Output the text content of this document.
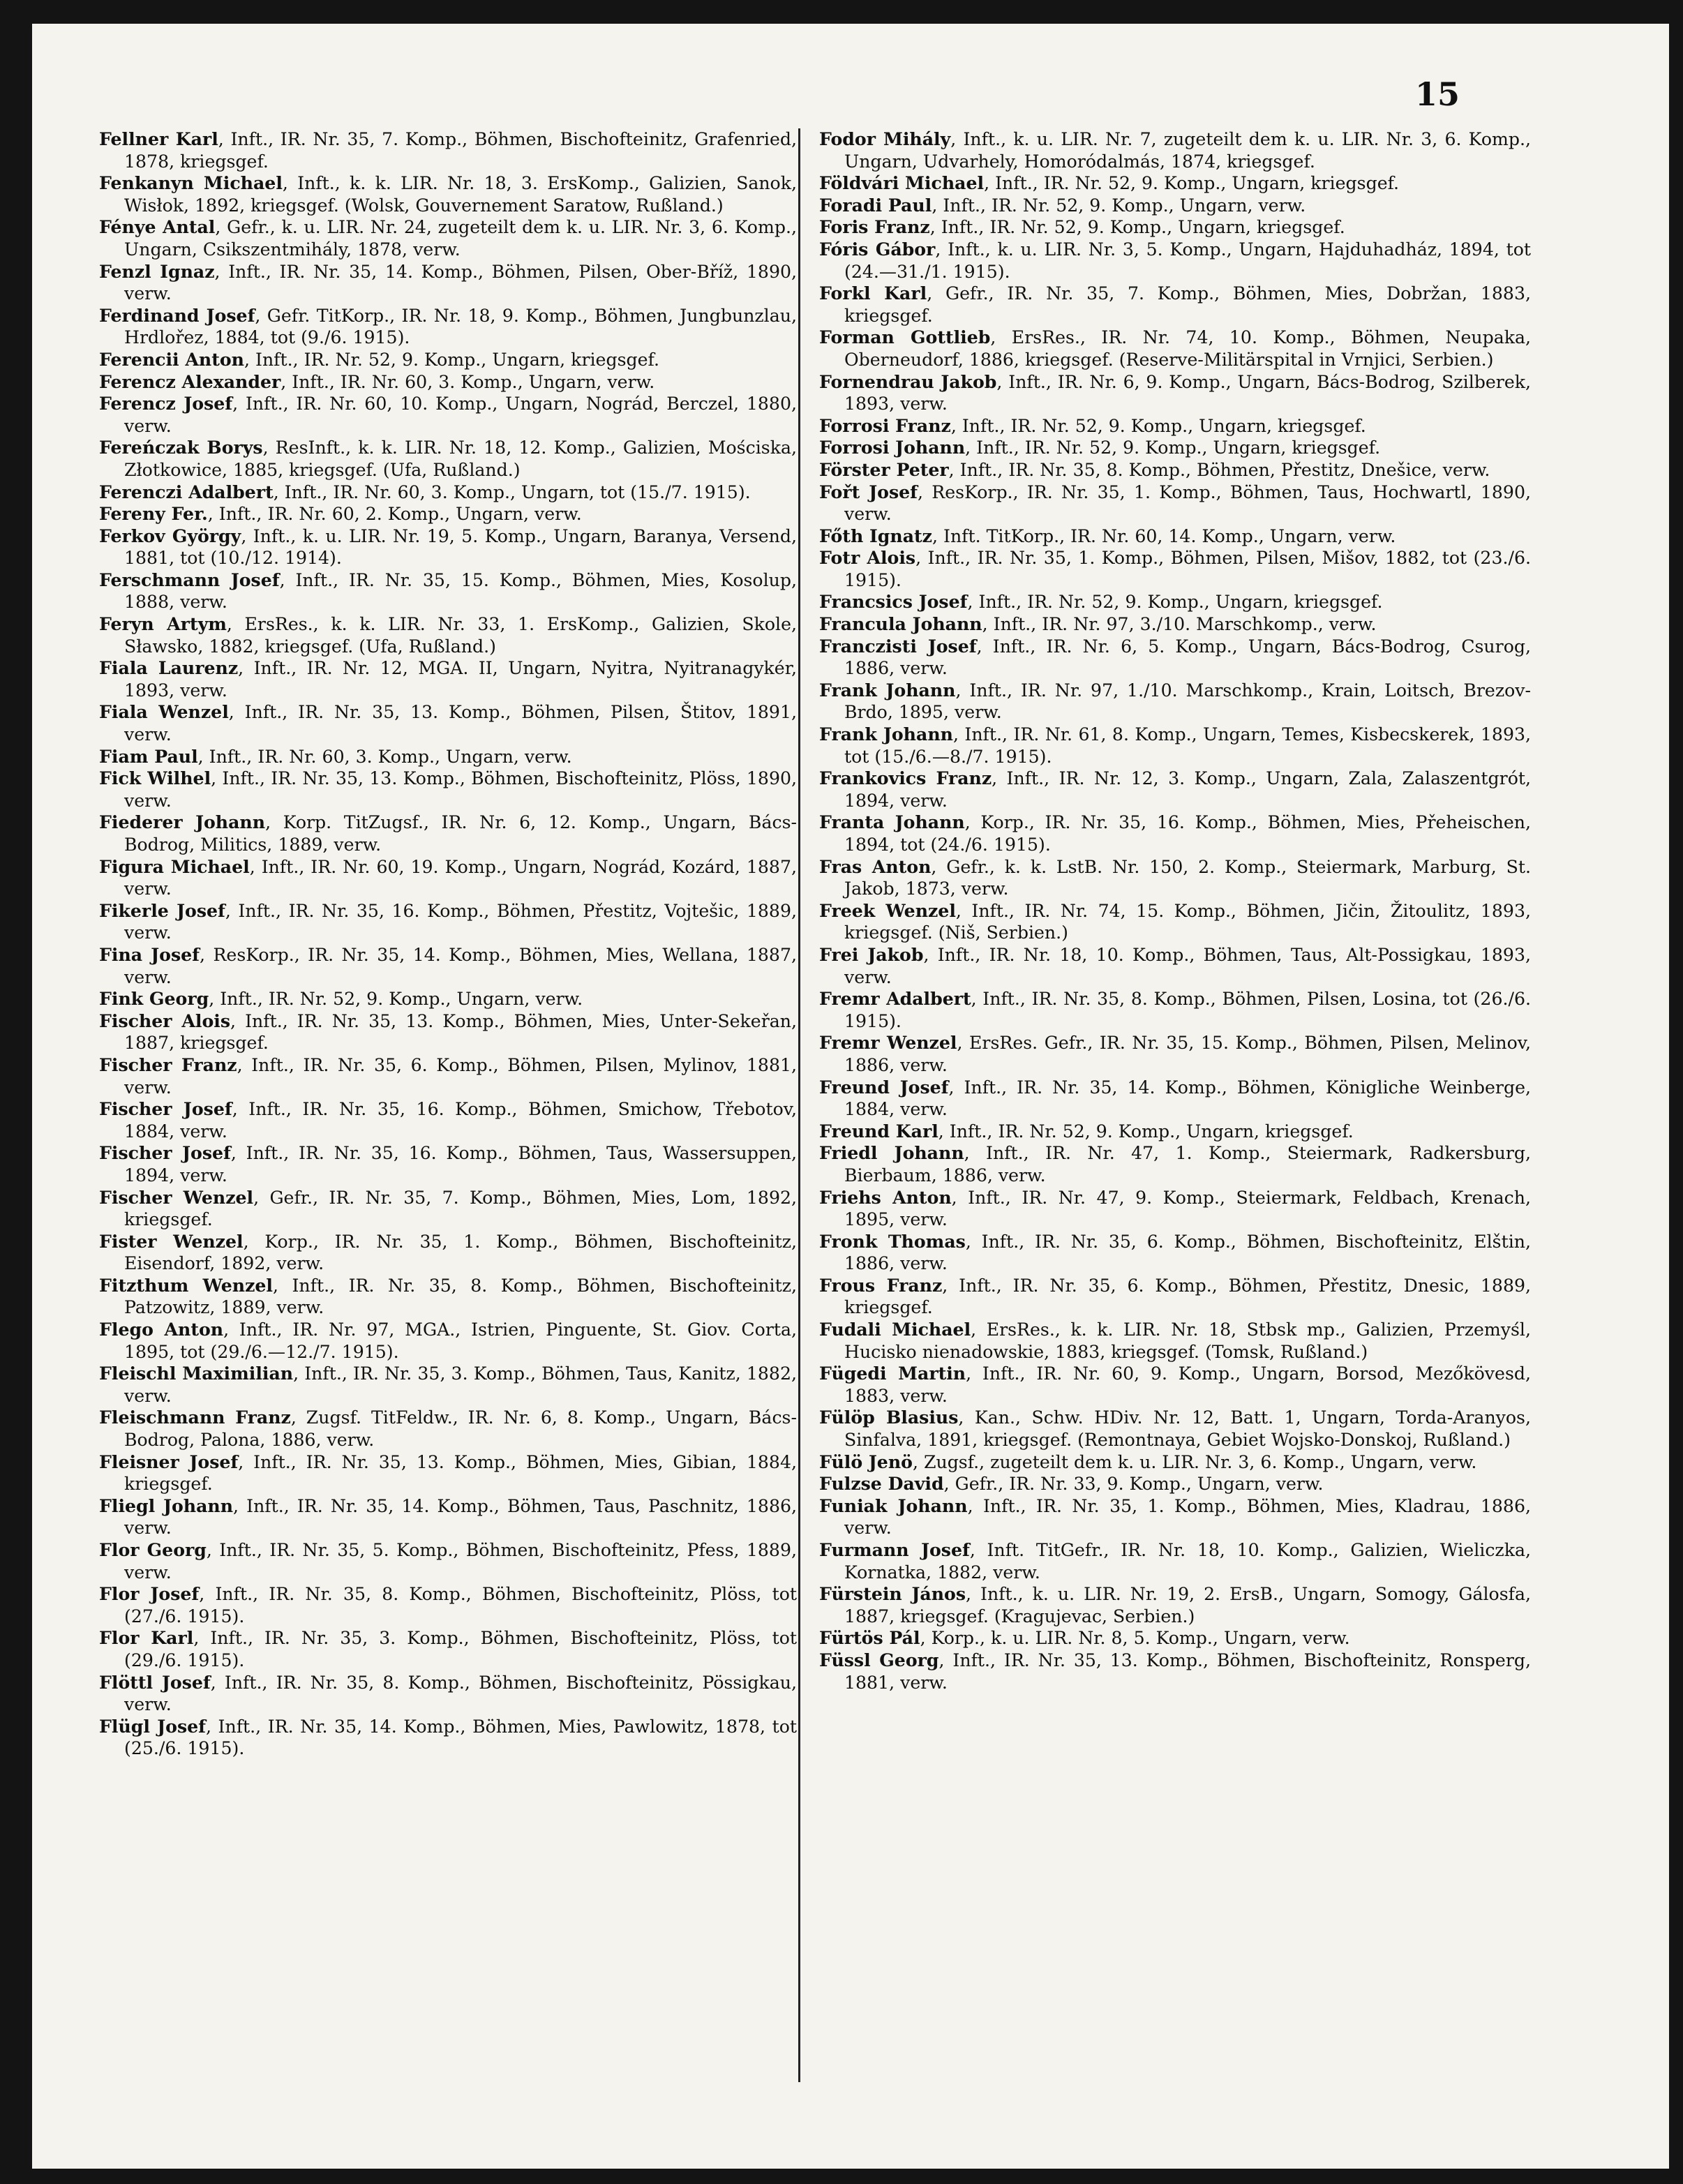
15
Fellner Karl, Inft., IR. Nr. 35, 7. Komp., Böhmen, Bischofteinitz, Grafenried, 1878, kriegsgef.
Fenkanyn Michael, Inft., k. k. LIR. Nr. 18, 3. ErsKomp., Galizien, Sanok, Wisłok, 1892, kriegsgef. (Wolsk, Gouvernement Saratow, Rußland.)
Fénye Antal, Gefr., k. u. LIR. Nr. 24, zugeteilt dem k. u. LIR. Nr. 3, 6. Komp., Ungarn, Csikszentmihály, 1878, verw.
Fenzl Ignaz, Inft., IR. Nr. 35, 14. Komp., Böhmen, Pilsen, Ober-Bříž, 1890, verw.
Ferdinand Josef, Gefr. TitKorp., IR. Nr. 18, 9. Komp., Böhmen, Jungbunzlau, Hrdlořez, 1884, tot (9./6. 1915).
Ferencii Anton, Inft., IR. Nr. 52, 9. Komp., Ungarn, kriegsgef.
Ferencz Alexander, Inft., IR. Nr. 60, 3. Komp., Ungarn, verw.
Ferencz Josef, Inft., IR. Nr. 60, 10. Komp., Ungarn, Nográd, Berczel, 1880, verw.
Fereńczak Borys, ResInft., k. k. LIR. Nr. 18, 12. Komp., Galizien, Mościska, Złotkowice, 1885, kriegsgef. (Ufa, Rußland.)
Ferenczi Adalbert, Inft., IR. Nr. 60, 3. Komp., Ungarn, tot (15./7. 1915).
Fereny Fer., Inft., IR. Nr. 60, 2. Komp., Ungarn, verw.
Ferkov György, Inft., k. u. LIR. Nr. 19, 5. Komp., Ungarn, Baranya, Versend, 1881, tot (10./12. 1914).
Ferschmann Josef, Inft., IR. Nr. 35, 15. Komp., Böhmen, Mies, Kosolup, 1888, verw.
Feryn Artym, ErsRes., k. k. LIR. Nr. 33, 1. ErsKomp., Galizien, Skole, Sławsko, 1882, kriegsgef. (Ufa, Rußland.)
Fiala Laurenz, Inft., IR. Nr. 12, MGA. II, Ungarn, Nyitra, Nyitranagykér, 1893, verw.
Fiala Wenzel, Inft., IR. Nr. 35, 13. Komp., Böhmen, Pilsen, Štitov, 1891, verw.
Fiam Paul, Inft., IR. Nr. 60, 3. Komp., Ungarn, verw.
Fick Wilhel, Inft., IR. Nr. 35, 13. Komp., Böhmen, Bischofteinitz, Plöss, 1890, verw.
Fiederer Johann, Korp. TitZugsf., IR. Nr. 6, 12. Komp., Ungarn, Bács-Bodrog, Militics, 1889, verw.
Figura Michael, Inft., IR. Nr. 60, 19. Komp., Ungarn, Nográd, Kozárd, 1887, verw.
Fikerle Josef, Inft., IR. Nr. 35, 16. Komp., Böhmen, Přestitz, Vojtešic, 1889, verw.
Fina Josef, ResKorp., IR. Nr. 35, 14. Komp., Böhmen, Mies, Wellana, 1887, verw.
Fink Georg, Inft., IR. Nr. 52, 9. Komp., Ungarn, verw.
Fischer Alois, Inft., IR. Nr. 35, 13. Komp., Böhmen, Mies, Unter-Sekeřan, 1887, kriegsgef.
Fischer Franz, Inft., IR. Nr. 35, 6. Komp., Böhmen, Pilsen, Mylinov, 1881, verw.
Fischer Josef, Inft., IR. Nr. 35, 16. Komp., Böhmen, Smichow, Třebotov, 1884, verw.
Fischer Josef, Inft., IR. Nr. 35, 16. Komp., Böhmen, Taus, Wassersuppen, 1894, verw.
Fischer Wenzel, Gefr., IR. Nr. 35, 7. Komp., Böhmen, Mies, Lom, 1892, kriegsgef.
Fister Wenzel, Korp., IR. Nr. 35, 1. Komp., Böhmen, Bischofteinitz, Eisendorf, 1892, verw.
Fitzthum Wenzel, Inft., IR. Nr. 35, 8. Komp., Böhmen, Bischofteinitz, Patzowitz, 1889, verw.
Flego Anton, Inft., IR. Nr. 97, MGA., Istrien, Pinguente, St. Giov. Corta, 1895, tot (29./6.—12./7. 1915).
Fleischl Maximilian, Inft., IR. Nr. 35, 3. Komp., Böhmen, Taus, Kanitz, 1882, verw.
Fleischmann Franz, Zugsf. TitFeldw., IR. Nr. 6, 8. Komp., Ungarn, Bács-Bodrog, Palona, 1886, verw.
Fleisner Josef, Inft., IR. Nr. 35, 13. Komp., Böhmen, Mies, Gibian, 1884, kriegsgef.
Fliegl Johann, Inft., IR. Nr. 35, 14. Komp., Böhmen, Taus, Paschnitz, 1886, verw.
Flor Georg, Inft., IR. Nr. 35, 5. Komp., Böhmen, Bischofteinitz, Pfess, 1889, verw.
Flor Josef, Inft., IR. Nr. 35, 8. Komp., Böhmen, Bischofteinitz, Plöss, tot (27./6. 1915).
Flor Karl, Inft., IR. Nr. 35, 3. Komp., Böhmen, Bischofteinitz, Plöss, tot (29./6. 1915).
Flöttl Josef, Inft., IR. Nr. 35, 8. Komp., Böhmen, Bischofteinitz, Pössigkau, verw.
Flügl Josef, Inft., IR. Nr. 35, 14. Komp., Böhmen, Mies, Pawlowitz, 1878, tot (25./6. 1915).
Fodor Mihály, Inft., k. u. LIR. Nr. 7, zugeteilt dem k. u. LIR. Nr. 3, 6. Komp., Ungarn, Udvarhely, Homoródalmás, 1874, kriegsgef.
Földvári Michael, Inft., IR. Nr. 52, 9. Komp., Ungarn, kriegsgef.
Foradi Paul, Inft., IR. Nr. 52, 9. Komp., Ungarn, verw.
Foris Franz, Inft., IR. Nr. 52, 9. Komp., Ungarn, kriegsgef.
Fóris Gábor, Inft., k. u. LIR. Nr. 3, 5. Komp., Ungarn, Hajduhadház, 1894, tot (24.—31./1. 1915).
Forkl Karl, Gefr., IR. Nr. 35, 7. Komp., Böhmen, Mies, Dobržan, 1883, kriegsgef.
Forman Gottlieb, ErsRes., IR. Nr. 74, 10. Komp., Böhmen, Neupaka, Oberneudorf, 1886, kriegsgef. (Reserve-Militärspital in Vrnjici, Serbien.)
Fornendrau Jakob, Inft., IR. Nr. 6, 9. Komp., Ungarn, Bács-Bodrog, Szilberek, 1893, verw.
Forrosi Franz, Inft., IR. Nr. 52, 9. Komp., Ungarn, kriegsgef.
Forrosi Johann, Inft., IR. Nr. 52, 9. Komp., Ungarn, kriegsgef.
Förster Peter, Inft., IR. Nr. 35, 8. Komp., Böhmen, Přestitz, Dnešice, verw.
Fořt Josef, ResKorp., IR. Nr. 35, 1. Komp., Böhmen, Taus, Hochwartl, 1890, verw.
Főth Ignatz, Inft. TitKorp., IR. Nr. 60, 14. Komp., Ungarn, verw.
Fotr Alois, Inft., IR. Nr. 35, 1. Komp., Böhmen, Pilsen, Mišov, 1882, tot (23./6. 1915).
Francsics Josef, Inft., IR. Nr. 52, 9. Komp., Ungarn, kriegsgef.
Francula Johann, Inft., IR. Nr. 97, 3./10. Marschkomp., verw.
Franczisti Josef, Inft., IR. Nr. 6, 5. Komp., Ungarn, Bács-Bodrog, Csurog, 1886, verw.
Frank Johann, Inft., IR. Nr. 97, 1./10. Marschkomp., Krain, Loitsch, Brezov-Brdo, 1895, verw.
Frank Johann, Inft., IR. Nr. 61, 8. Komp., Ungarn, Temes, Kisbecskerek, 1893, tot (15./6.—8./7. 1915).
Frankovics Franz, Inft., IR. Nr. 12, 3. Komp., Ungarn, Zala, Zalaszentgrót, 1894, verw.
Franta Johann, Korp., IR. Nr. 35, 16. Komp., Böhmen, Mies, Přeheischen, 1894, tot (24./6. 1915).
Fras Anton, Gefr., k. k. LstB. Nr. 150, 2. Komp., Steiermark, Marburg, St. Jakob, 1873, verw.
Freek Wenzel, Inft., IR. Nr. 74, 15. Komp., Böhmen, Jičin, Žitoulitz, 1893, kriegsgef. (Niš, Serbien.)
Frei Jakob, Inft., IR. Nr. 18, 10. Komp., Böhmen, Taus, Alt-Possigkau, 1893, verw.
Fremr Adalbert, Inft., IR. Nr. 35, 8. Komp., Böhmen, Pilsen, Losina, tot (26./6. 1915).
Fremr Wenzel, ErsRes. Gefr., IR. Nr. 35, 15. Komp., Böhmen, Pilsen, Melinov, 1886, verw.
Freund Josef, Inft., IR. Nr. 35, 14. Komp., Böhmen, Königliche Weinberge, 1884, verw.
Freund Karl, Inft., IR. Nr. 52, 9. Komp., Ungarn, kriegsgef.
Friedl Johann, Inft., IR. Nr. 47, 1. Komp., Steiermark, Radkersburg, Bierbaum, 1886, verw.
Friehs Anton, Inft., IR. Nr. 47, 9. Komp., Steiermark, Feldbach, Krenach, 1895, verw.
Fronk Thomas, Inft., IR. Nr. 35, 6. Komp., Böhmen, Bischofteinitz, Elštin, 1886, verw.
Frous Franz, Inft., IR. Nr. 35, 6. Komp., Böhmen, Přestitz, Dnesic, 1889, kriegsgef.
Fudali Michael, ErsRes., k. k. LIR. Nr. 18, Stbsk mp., Galizien, Przemyśl, Hucisko nienadowskie, 1883, kriegsgef. (Tomsk, Rußland.)
Fügedi Martin, Inft., IR. Nr. 60, 9. Komp., Ungarn, Borsod, Mezőkövesd, 1883, verw.
Fülöp Blasius, Kan., Schw. HDiv. Nr. 12, Batt. 1, Ungarn, Torda-Aranyos, Sinfalva, 1891, kriegsgef. (Remontnaya, Gebiet Wojsko-Donskoj, Rußland.)
Fülö Jenö, Zugsf., zugeteilt dem k. u. LIR. Nr. 3, 6. Komp., Ungarn, verw.
Fulzse David, Gefr., IR. Nr. 33, 9. Komp., Ungarn, verw.
Funiak Johann, Inft., IR. Nr. 35, 1. Komp., Böhmen, Mies, Kladrau, 1886, verw.
Furmann Josef, Inft. TitGefr., IR. Nr. 18, 10. Komp., Galizien, Wieliczka, Kornatka, 1882, verw.
Fürstein János, Inft., k. u. LIR. Nr. 19, 2. ErsB., Ungarn, Somogy, Gálosfa, 1887, kriegsgef. (Kragujevac, Serbien.)
Fürtös Pál, Korp., k. u. LIR. Nr. 8, 5. Komp., Ungarn, verw.
Füssl Georg, Inft., IR. Nr. 35, 13. Komp., Böhmen, Bischofteinitz, Ronsperg, 1881, verw.
